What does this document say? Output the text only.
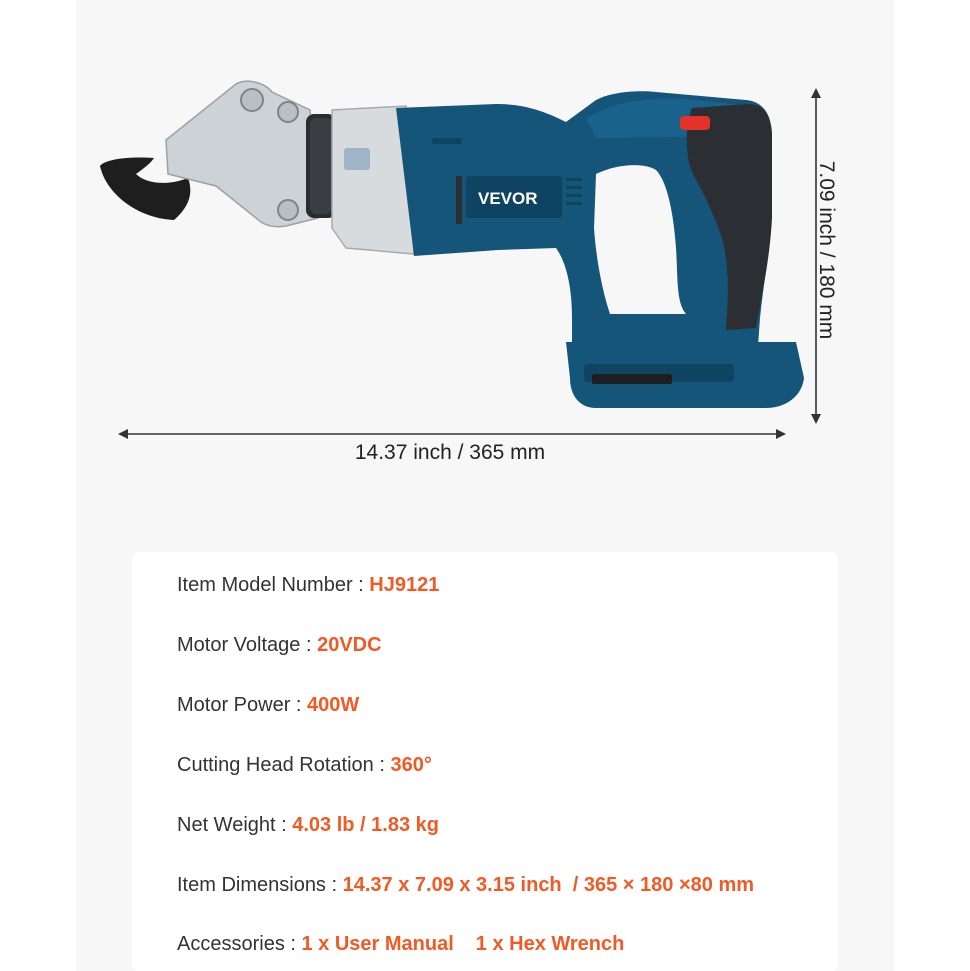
VEVOR
14.37 inch / 365 mm
7.09 inch / 180 mm
Item Model Number : HJ9121
Motor Voltage : 20VDC
Motor Power : 400W
Cutting Head Rotation : 360°
Net Weight : 4.03 lb / 1.83 kg
Item Dimensions : 14.37 x 7.09 x 3.15 inch  / 365 × 180 ×80 mm
Accessories : 1 x User Manual 1 x Hex Wrench
